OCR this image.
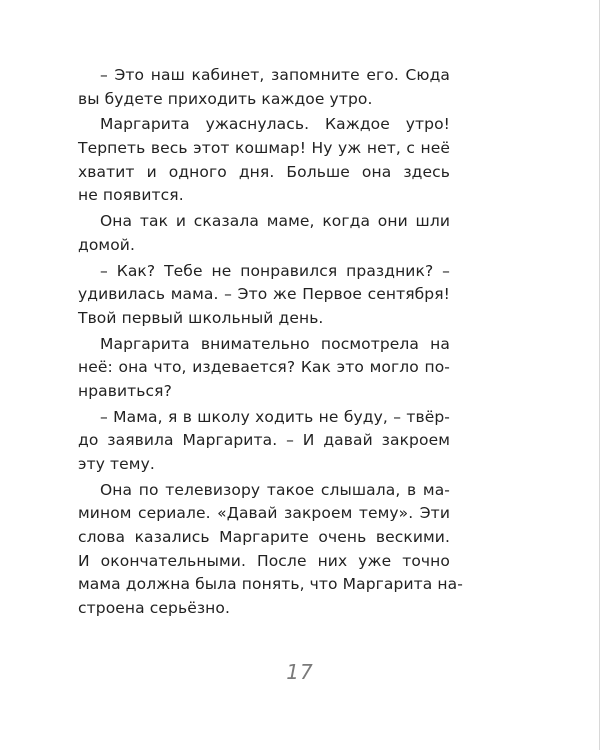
– Это наш кабинет, запомните его. Сюда
вы будете приходить каждое утро.
Маргарита ужаснулась. Каждое утро!
Терпеть весь этот кошмар! Ну уж нет, с неё
хватит и одного дня. Больше она здесь
не появится.
Она так и сказала маме, когда они шли
домой.
– Как? Тебе не понравился праздник? –
удивилась мама. – Это же Первое сентября!
Твой первый школьный день.
Маргарита внимательно посмотрела на
неё: она что, издевается? Как это могло по-
нравиться?
– Мама, я в школу ходить не буду, – твёр-
до заявила Маргарита. – И давай закроем
эту тему.
Она по телевизору такое слышала, в ма-
мином сериале. «Давай закроем тему». Эти
слова казались Маргарите очень вескими.
И окончательными. После них уже точно
мама должна была понять, что Маргарита на-
строена серьёзно.
17
